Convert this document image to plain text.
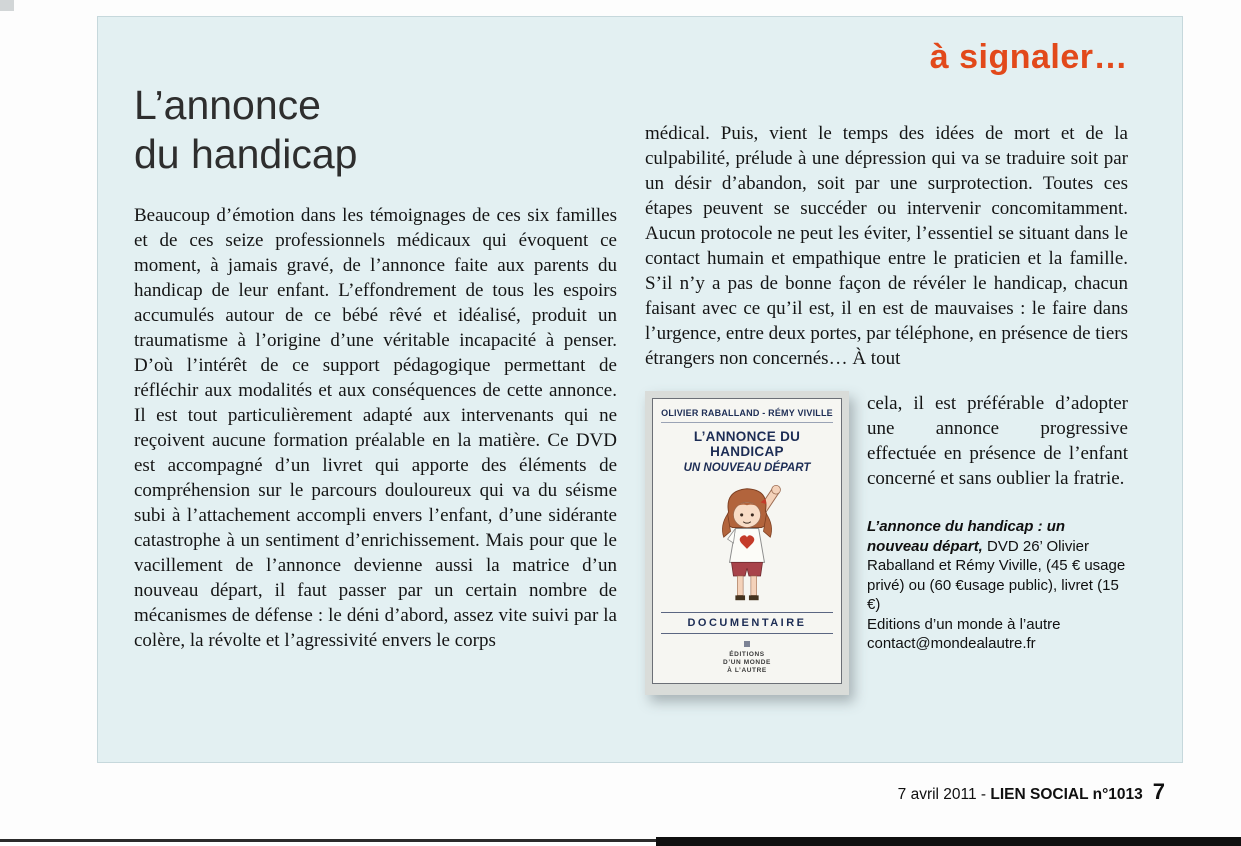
à signaler…
L’annonce
du handicap

Beaucoup d’émotion dans les témoignages de ces six familles et de ces seize professionnels médicaux qui évoquent ce moment, à jamais gravé, de l’annonce faite aux parents du handicap de leur enfant. L’effondrement de tous les espoirs accumulés autour de ce bébé rêvé et idéalisé, produit un traumatisme à l’origine d’une véritable incapacité à penser. D’où l’intérêt de ce support pédagogique permettant de réfléchir aux modalités et aux conséquences de cette annonce. Il est tout particulièrement adapté aux intervenants qui ne reçoivent aucune formation préalable en la matière. Ce DVD est accompagné d’un livret qui apporte des éléments de compréhension sur le parcours douloureux qui va du séisme subi à l’attachement accompli envers l’enfant, d’une sidérante catastrophe à un sentiment d’enrichissement. Mais pour que le vacillement de l’annonce devienne aussi la matrice d’un nouveau départ, il faut passer par un certain nombre de mécanismes de défense : le déni d’abord, assez vite suivi par la colère, la révolte et l’agressivité envers le corps

médical. Puis, vient le temps des idées de mort et de la culpabilité, prélude à une dépression qui va se traduire soit par un désir d’abandon, soit par une surprotection. Toutes ces étapes peuvent se succéder ou intervenir concomitamment. Aucun protocole ne peut les éviter, l’essentiel se situant dans le contact humain et empathique entre le praticien et la famille. S’il n’y a pas de bonne façon de révéler le handicap, chacun faisant avec ce qu’il est, il en est de mauvaises : le faire dans l’urgence, entre deux portes, par téléphone, en présence de tiers étrangers non concernés… À tout

OLIVIER RABALLAND - RÉMY VIVILLE
L’ANNONCE DU HANDICAP
UN NOUVEAU DÉPART
DOCUMENTAIRE

ÉDITIONS
D’UN MONDE
À L’AUTRE

cela, il est préférable d’adopter une annonce progressive effectuée en présence de l’enfant concerné et sans oublier la fratrie.

L’annonce du handicap : un nouveau départ, DVD 26’ Olivier Raballand et Rémy Viville, (45 € usage privé) ou (60 €usage public), livret (15 €)

Editions d’un monde à l’autre

contact@mondealautre.fr

7 avril 2011 - LIEN SOCIAL n°1013 7
